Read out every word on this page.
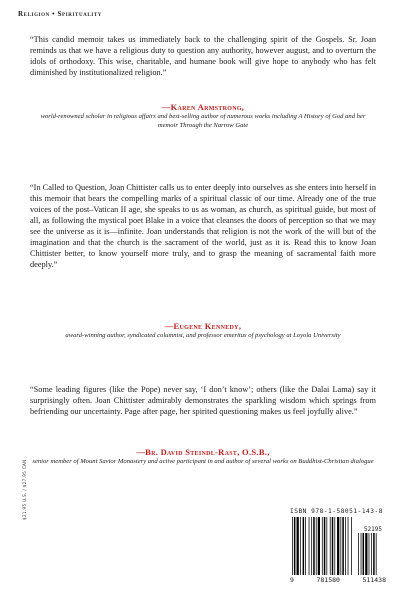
Religion • Spirituality
“This candid memoir takes us immediately back to the challenging spirit of the Gospels. Sr. Joan reminds us that we have a religious duty to question any authority, however august, and to overturn the idols of orthodoxy. This wise, charitable, and humane book will give hope to anybody who has felt diminished by institutionalized religion.”
—Karen Armstrong,
world-renowned scholar in religious affairs and best-selling author of numerous works including A History of God and her memoir Through the Narrow Gate
“In Called to Question, Joan Chittister calls us to enter deeply into ourselves as she enters into herself in this memoir that bears the compelling marks of a spiritual classic of our time. Already one of the true voices of the post–Vatican II age, she speaks to us as woman, as church, as spiritual guide, but most of all, as following the mystical poet Blake in a voice that cleanses the doors of perception so that we may see the universe as it is—infinite. Joan understands that religion is not the work of the will but of the imagination and that the church is the sacrament of the world, just as it is. Read this to know Joan Chittister better, to know yourself more truly, and to grasp the meaning of sacramental faith more deeply.”
—Eugene Kennedy,
award-winning author, syndicated columnist, and professor emeritus of psychology at Loyola University
“Some leading figures (like the Pope) never say, ‘I don’t know’; others (like the Dalai Lama) say it surprisingly often. Joan Chittister admirably demonstrates the sparkling wisdom which springs from befriending our uncertainty. Page after page, her spirited questioning makes us feel joyfully alive.”
—Br. David Steindl-Rast, O.S.B.,
senior member of Mount Savior Monastery and active participant in and author of several works on Buddhist-Christian dialogue
$21.95 U.S. / $27.95 CAN	ISBN 978-1-58051-143-8
52195
9	781580	511438
